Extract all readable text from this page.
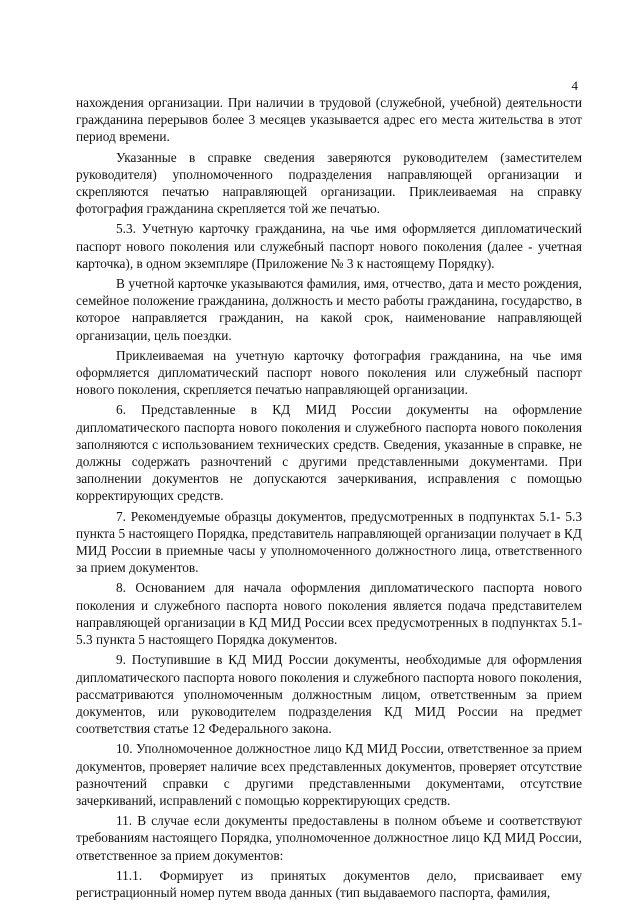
4

нахождения организации. При наличии в трудовой (служебной, учебной) деятельности гражданина перерывов более 3 месяцев указывается адрес его места жительства в этот период времени.

Указанные в справке сведения заверяются руководителем (заместителем руководителя) уполномоченного подразделения направляющей организации и скрепляются печатью направляющей организации. Приклеиваемая на справку фотография гражданина скрепляется той же печатью.

5.3. Учетную карточку гражданина, на чье имя оформляется дипломатический паспорт нового поколения или служебный паспорт нового поколения (далее - учетная карточка), в одном экземпляре (Приложение № 3 к настоящему Порядку).

В учетной карточке указываются фамилия, имя, отчество, дата и место рождения, семейное положение гражданина, должность и место работы гражданина, государство, в которое направляется гражданин, на какой срок, наименование направляющей организации, цель поездки.

Приклеиваемая на учетную карточку фотография гражданина, на чье имя оформляется дипломатический паспорт нового поколения или служебный паспорт нового поколения, скрепляется печатью направляющей организации.

6. Представленные в КД МИД России документы на оформление дипломатического паспорта нового поколения и служебного паспорта нового поколения заполняются с использованием технических средств. Сведения, указанные в справке, не должны содержать разночтений с другими представленными документами. При заполнении документов не допускаются зачеркивания, исправления с помощью корректирующих средств.

7. Рекомендуемые образцы документов, предусмотренных в подпунктах 5.1- 5.3 пункта 5 настоящего Порядка, представитель направляющей организации получает в КД МИД России в приемные часы у уполномоченного должностного лица, ответственного за прием документов.

8. Основанием для начала оформления дипломатического паспорта нового поколения и служебного паспорта нового поколения является подача представителем направляющей организации в КД МИД России всех предусмотренных в подпунктах 5.1- 5.3 пункта 5 настоящего Порядка документов.

9. Поступившие в КД МИД России документы, необходимые для оформления дипломатического паспорта нового поколения и служебного паспорта нового поколения, рассматриваются уполномоченным должностным лицом, ответственным за прием документов, или руководителем подразделения КД МИД России на предмет соответствия статье 12 Федерального закона.

10. Уполномоченное должностное лицо КД МИД России, ответственное за прием документов, проверяет наличие всех представленных документов, проверяет отсутствие разночтений справки с другими представленными документами, отсутствие зачеркиваний, исправлений с помощью корректирующих средств.

11. В случае если документы предоставлены в полном объеме и соответствуют требованиям настоящего Порядка, уполномоченное должностное лицо КД МИД России, ответственное за прием документов:

11.1. Формирует из принятых документов дело, присваивает ему регистрационный номер путем ввода данных (тип выдаваемого паспорта, фамилия,
